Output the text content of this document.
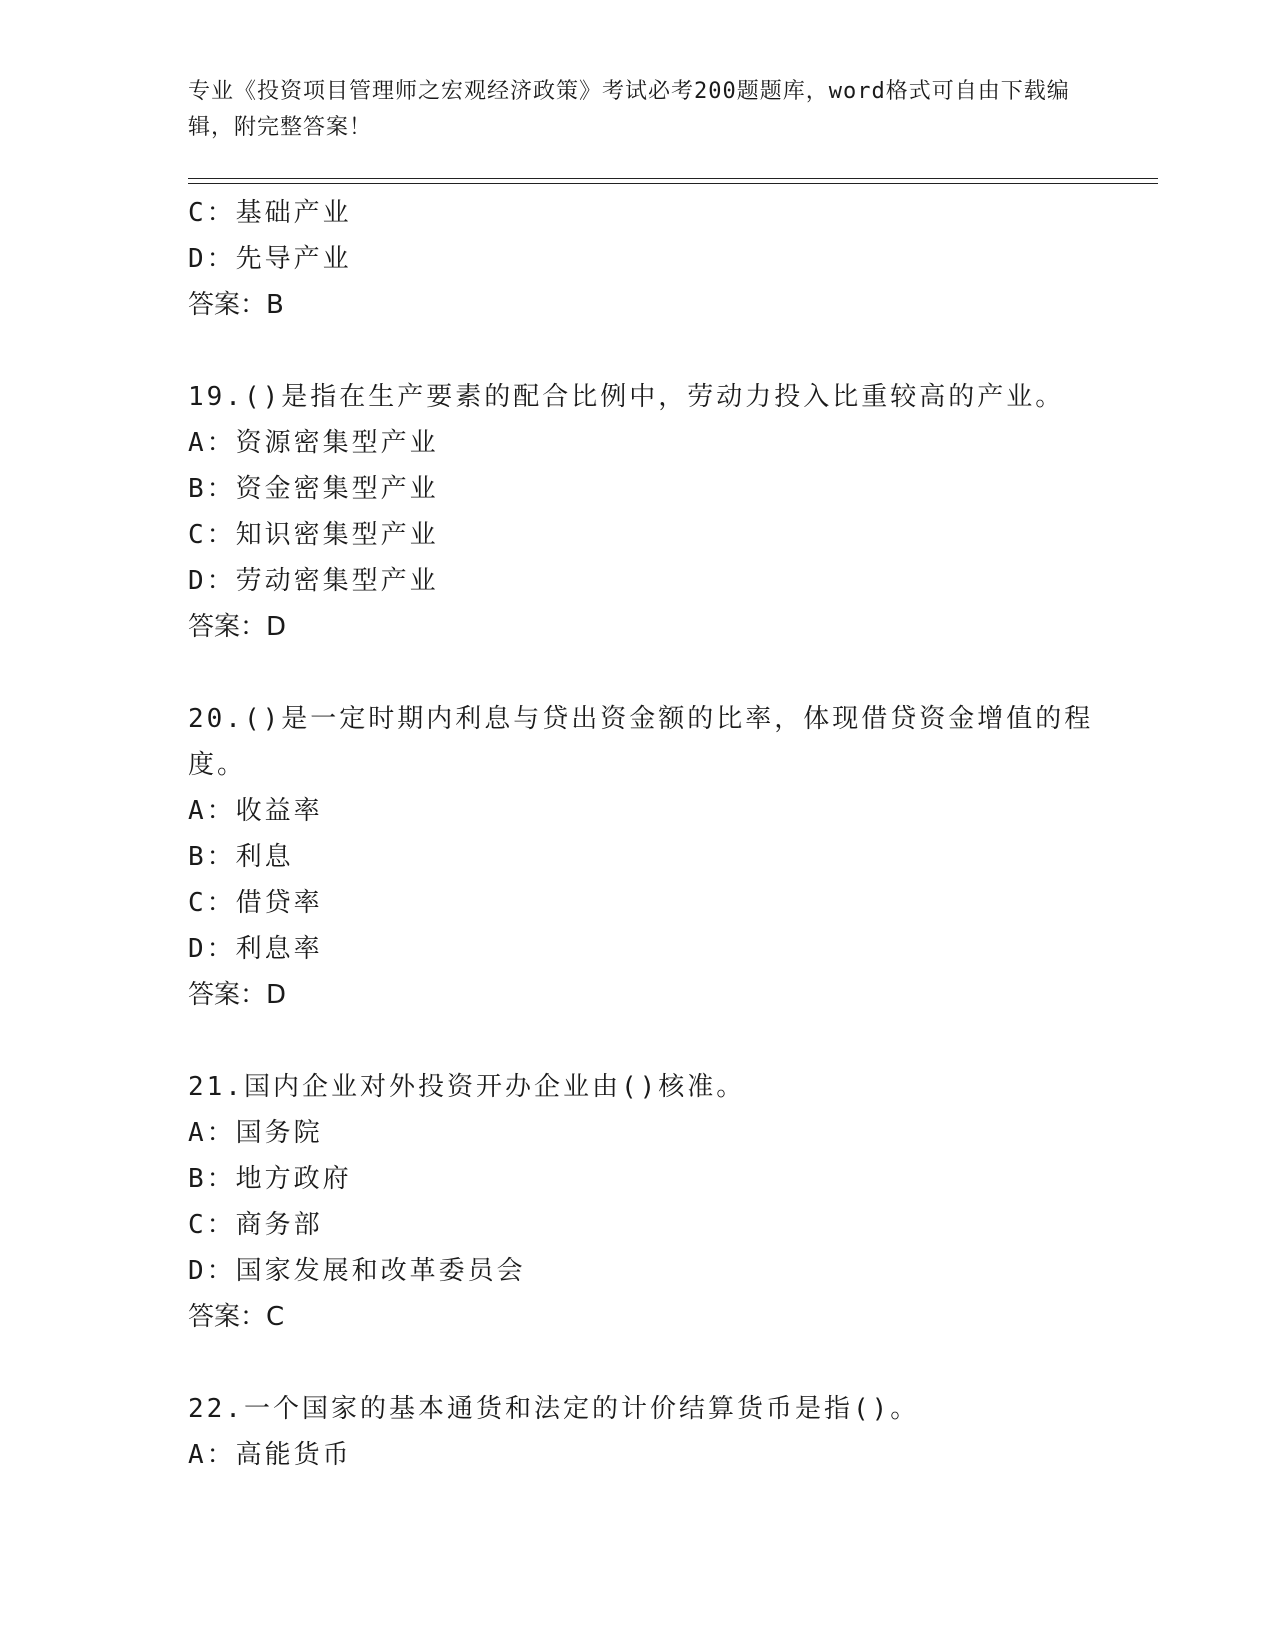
专业《投资项目管理师之宏观经济政策》考试必考200题题库，word格式可自由下载编辑，附完整答案！
C：基础产业
D：先导产业
答案：B
19.()是指在生产要素的配合比例中，劳动力投入比重较高的产业。
A：资源密集型产业
B：资金密集型产业
C：知识密集型产业
D：劳动密集型产业
答案：D
20.()是一定时期内利息与贷出资金额的比率，体现借贷资金增值的程
度。
A：收益率
B：利息
C：借贷率
D：利息率
答案：D
21.国内企业对外投资开办企业由()核准。
A：国务院
B：地方政府
C：商务部
D：国家发展和改革委员会
答案：C
22.一个国家的基本通货和法定的计价结算货币是指()。
A：高能货币
